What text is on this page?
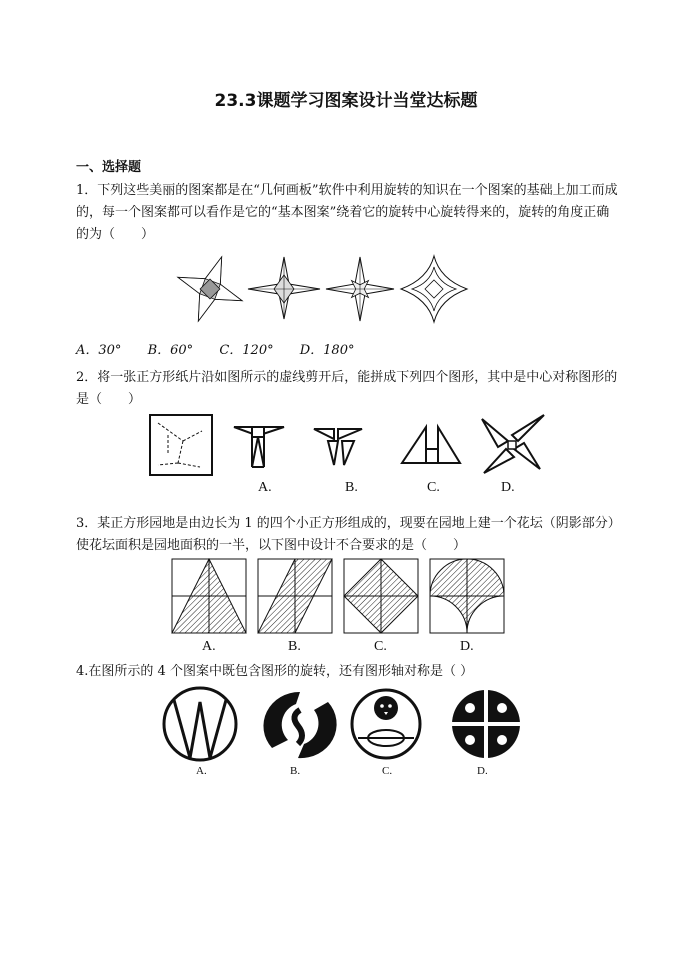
23.3课题学习图案设计当堂达标题
一、选择题
1．下列这些美丽的图案都是在“几何画板”软件中利用旋转的知识在一个图案的基础上加工而成的，每一个图案都可以看作是它的“基本图案”绕着它的旋转中心旋转得来的，旋转的角度正确的为（　　）
A．30° B．60° C．120° D．180°
2．将一张正方形纸片沿如图所示的虚线剪开后，能拼成下列四个图形，其中是中心对称图形的是（　　）
A.	B.	C.	D.
3．某正方形园地是由边长为 1 的四个小正方形组成的，现要在园地上建一个花坛（阴影部分）使花坛面积是园地面积的一半，以下图中设计不合要求的是（　　）
A.	B.	C.	D.
4.在图所示的 4 个图案中既包含图形的旋转，还有图形轴对称是（ ）
A.	B.	C.	D.
